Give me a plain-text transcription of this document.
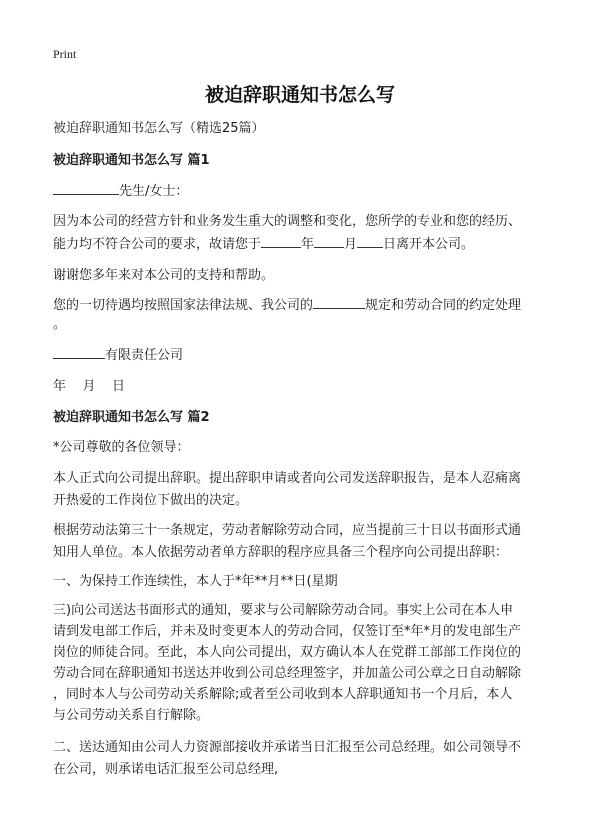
Print
被迫辞职通知书怎么写
被迫辞职通知书怎么写（精选25篇）
被迫辞职通知书怎么写 篇1
先生/女士：
因为本公司的经营方针和业务发生重大的调整和变化，您所学的专业和您的经历、
能力均不符合公司的要求，故请您于	年 月 日离开本公司。
谢谢您多年来对本公司的支持和帮助。
您的一切待遇均按照国家法律法规、我公司的	规定和劳动合同的约定处理
。
有限责任公司
年    月    日
被迫辞职通知书怎么写 篇2
*公司尊敬的各位领导：
本人正式向公司提出辞职。提出辞职申请或者向公司发送辞职报告，是本人忍痛离
开热爱的工作岗位下做出的决定。
根据劳动法第三十一条规定，劳动者解除劳动合同，应当提前三十日以书面形式通
知用人单位。本人依据劳动者单方辞职的程序应具备三个程序向公司提出辞职：
一、为保持工作连续性，本人于*年**月**日(星期
三)向公司送达书面形式的通知，要求与公司解除劳动合同。事实上公司在本人申
请到发电部工作后，并未及时变更本人的劳动合同，仅签订至*年*月的发电部生产
岗位的师徒合同。至此，本人向公司提出，双方确认本人在党群工部部工作岗位的
劳动合同在辞职通知书送达并收到公司总经理签字，并加盖公司公章之日自动解除
，同时本人与公司劳动关系解除;或者至公司收到本人辞职通知书一个月后，本人
与公司劳动关系自行解除。
二、送达通知由公司人力资源部接收并承诺当日汇报至公司总经理。如公司领导不
在公司，则承诺电话汇报至公司总经理,
